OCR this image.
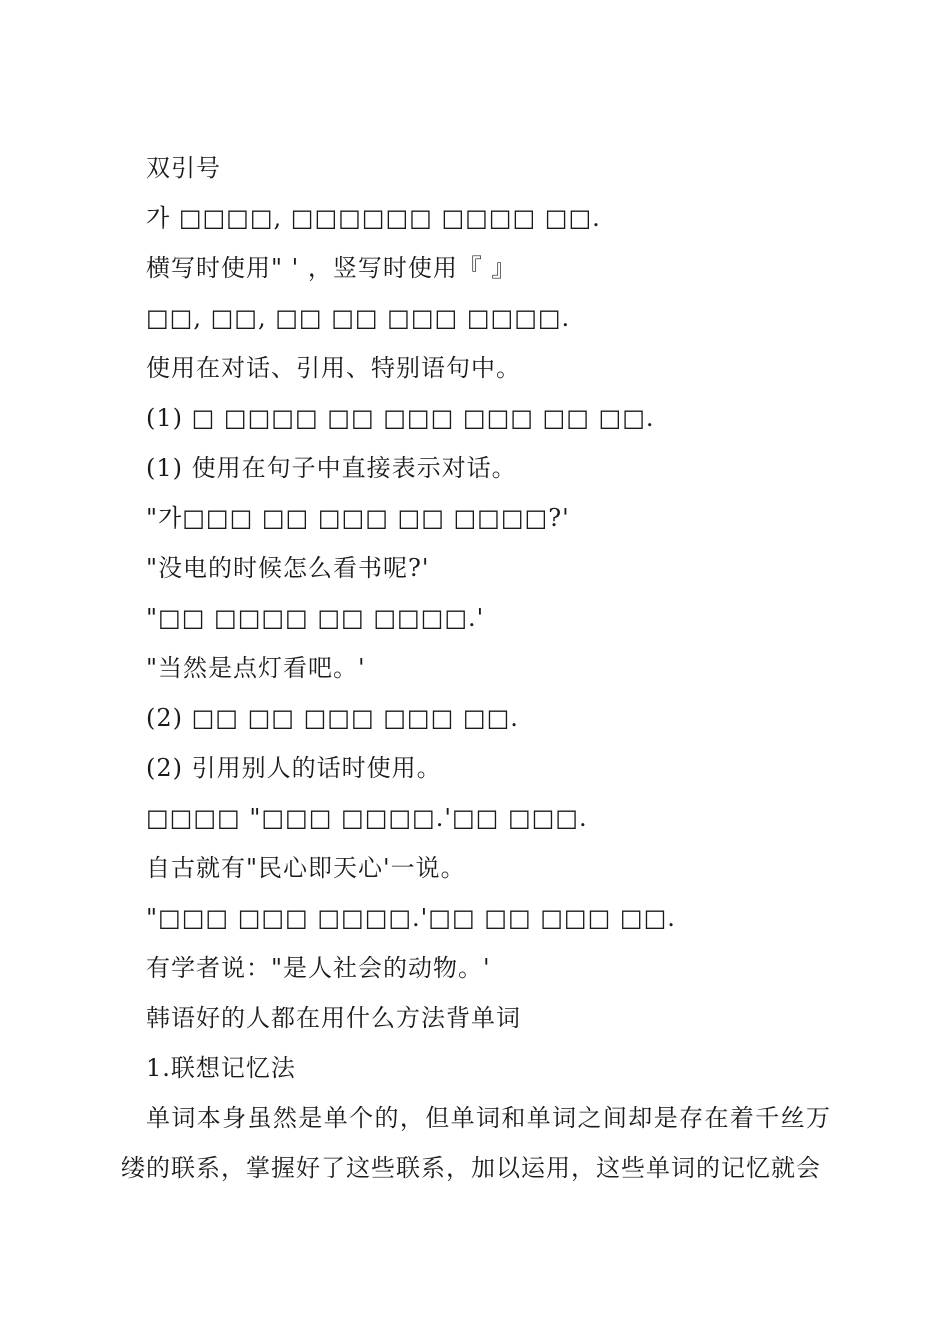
双引号
가 □□□□, □□□□□□ □□□□ □□.
横写时使用" ' ，竖写时使用『 』
□□, □□, □□ □□ □□□ □□□□.
使用在对话、引用、特别语句中。
(1) □ □□□□ □□ □□□ □□□ □□ □□.
(1) 使用在句子中直接表示对话。
"가□□□ □□ □□□ □□ □□□□?'
"没电的时候怎么看书呢?'
"□□ □□□□ □□ □□□□.'
"当然是点灯看吧。'
(2) □□ □□ □□□ □□□ □□.
(2) 引用别人的话时使用。
□□□□ "□□□ □□□□.'□□ □□□.
自古就有"民心即天心'一说。
"□□□ □□□ □□□□.'□□ □□ □□□ □□.
有学者说："是人社会的动物。'
韩语好的人都在用什么方法背单词
1.联想记忆法
单词本身虽然是单个的，但单词和单词之间却是存在着千丝万缕的联系，掌握好了这些联系，加以运用，这些单词的记忆就会
